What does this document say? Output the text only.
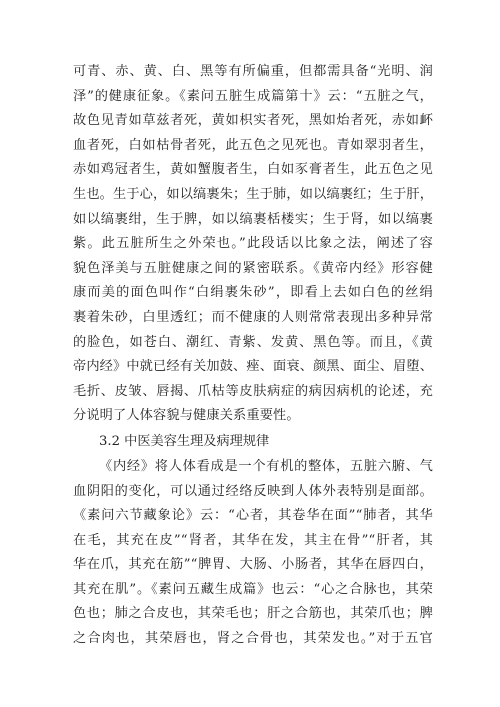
可青、赤、黄、白、黑等有所偏重，但都需具备“光明、润
泽”的健康征象。《素问五脏生成篇第十》云：“五脏之气，
故色见青如草兹者死，黄如枳实者死，黑如炲者死，赤如衃
血者死，白如枯骨者死，此五色之见死也。青如翠羽者生，
赤如鸡冠者生，黄如蟹腹者生，白如豕膏者生，此五色之见
生也。生于心，如以缟裹朱；生于肺，如以缟裹红；生于肝，
如以缟裹绀，生于脾，如以缟裹栝楼实；生于肾，如以缟裹
紫。此五脏所生之外荣也。”此段话以比象之法，阐述了容
貌色泽美与五脏健康之间的紧密联系。《黄帝内经》形容健
康而美的面色叫作“白绢裹朱砂”，即看上去如白色的丝绢
裹着朱砂，白里透红；而不健康的人则常常表现出多种异常
的脸色，如苍白、潮红、青紫、发黄、黑色等。而且，《黄
帝内经》中就已经有关加鼓、痤、面衰、颜黑、面尘、眉堕、
毛折、皮皱、唇揭、爪枯等皮肤病症的病因病机的论述，充
分说明了人体容貌与健康关系重要性。
3.2 中医美容生理及病理规律
《内经》将人体看成是一个有机的整体，五脏六腑、气
血阴阳的变化，可以通过经络反映到人体外表特别是面部。
《素问六节藏象论》云：“心者，其卷华在面”“肺者，其华
在毛，其充在皮”“肾者，其华在发，其主在骨”“肝者，其
华在爪，其充在筋”“脾胃、大肠、小肠者，其华在唇四白，
其充在肌”。《素问五藏生成篇》也云：“心之合脉也，其荣
色也；肺之合皮也，其荣毛也；肝之合筋也，其荣爪也；脾
之合肉也，其荣唇也，肾之合骨也，其荣发也。”对于五官
